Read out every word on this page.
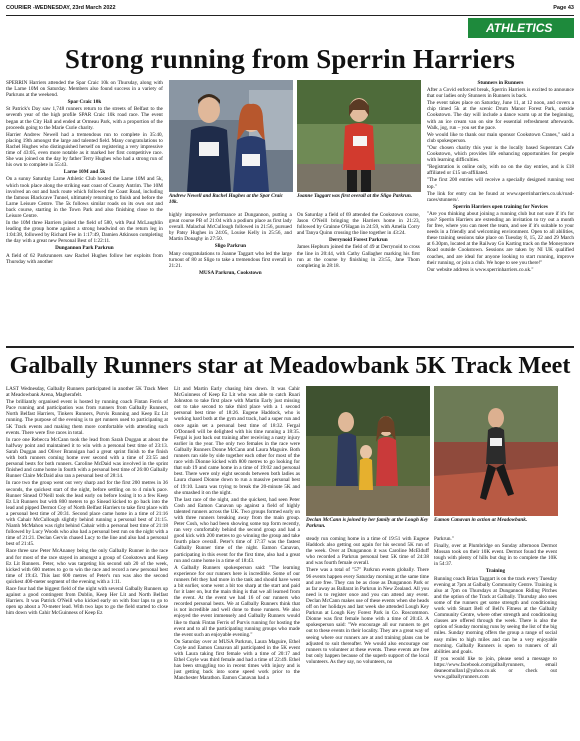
COURIER -WEDNESDAY, 23rd March 2022	Page 43
ATHLETICS
Strong running from Sperrin Harriers

SPERRIN Harriers attended the Spar Craic 10k on Thursday, along with the Larne 10M on Saturday. Members also found success in a variety of Parkruns at the weekend.

Spar Craic 10k

St Patrick's Day saw 1,748 runners return to the streets of Belfast to the seventh year of the high profile SPAR Craic 10k road race. The event began at the City Hall and ended at Ormeau Park, with a proportion of the proceeds going to the Marie Curie charity.

Harrier Andrew Newell had a tremendous run to complete in 35:40, placing 19th amongst the large and talented field. Many congratulations to Rachel Hughes who distinguished herself on registering a very impressive time of 43:05, even more notable as it marked her first competitive race. She was joined on the day by father Terry Hughes who had a strong run of his own to complete in 55:43.

Larne 10M and 5k

On a sunny Saturday Larne Athletic Club hosted the Larne 10M and 5k, which took place along the striking east coast of County Antrim. The 10M involved an out and back route which followed the Coast Road, including the famous Blackcave Tunnel, ultimately returning to finish and before the Larne Leisure Centre. The 5k follows similar roads on its own out and back course, starting in the Town Park and also finishing close to the Leisure Centre.

In the 10M three Harriers joined the field of 580, with Paul McLaughlin leading the group home against a strong headwind on the return leg in 1:04:38, followed by Richard Fee in 1:17:49, Damien Atkinson completing the day with a great new Personal Best of 1:22:11.

Dungannon Park Parkrun

A field of 62 Parkrunners saw Rachel Hughes follow her exploits from Thursday with another

Andrew Newell and Rachel Hughes at the Spar Craic 10k.
Joanne Taggart was first overall at the Sligo Parkrun.

highly impressive performance at Dungannon, putting a great course PB of 21:04 with a podium place as first lady overall. Malachai McCullough followed in 21:56, pursued by Patsy Hughes in 24:05, Louise Kelly in 25:56, and Martin Donaghy in 27:50.

Sligo Parkrun

Many congratulations to Joanne Taggart who led the large turnout of 80 at Sligo to take a tremendous first overall in 21:21.

MUSA Parkrun, Cookstown

On Saturday a field of 69 attended the Cookstown course, Jason O'Neill bringing the Harriers home in 21:23, followed by Grainne O'Hagan in 24:59, with Amelia Corry and Tanya Quinn crossing the line together in 43:24.

Derrynoid Forest Parkrun

James Hepburn joined the field of 49 at Derrynoid to cross the line in 20:44, with Cathy Gallagher marking his first run at the course by finishing in 23:55, Jane Thom completing in 28:18.

Stunners in Runners

After a Covid enforced break, Sperrin Harriers is excited to announce that our ladies only Stunners in Runners is back.

The event takes place on Saturday, June 11, at 12 noon, and covers a chip timed 5k at the scenic Drum Manor Forest Park, outside Cookstown. The day will include a dance warm up at the beginning, with an ice cream van on site for essential refreshment afterwards. Walk, jog, run – you set the pace.

We would like to thank our main sponsor Cookstown Cranes," said a club spokesperson.

"Our chosen charity this year is the locally based Superstars Cafe Cookstown, which provides life enhancing opportunities for people with learning difficulties.

"Registration is online only, with no on the day entries, and is £18 affiliated or £15 un-affiliated.

"The first 200 entries will receive a specially designed running vest top."

The link for entry can be found at www.sperrinharriers.co.uk/road-races/stunners/.

Sperrin Harriers open training for Novices

"Are you thinking about joining a running club but not sure if it's for you? Sperrin Harriers are extending an invitation to try out a month for free, where you can meet the team, and see if it's suitable to your needs in a friendly and welcoming environment. Open to all abilities, these training sessions take place on Tuesday 8, 15, 22 and 29 March at 6.30pm, located at the Railway Go Karting track on the Moneymore Road outside Cookstown. Sessions are taken by NI UK qualified coaches, and are ideal for anyone looking to start running, improve their running, or join a club. We hope to see you there!"

Our website address is www.sperrinharriers.co.uk."

Galbally Runners star at Meadowbank 5K Track Meet

LAST Wednesday, Galbally Runners participated in another 5K Track Meet at Meadowbank Arena, Magherafelt.

The brilliantly organised event is hosted by running coach Fintan Ferris of Pace running and participation was from runners from Galbally Runners, North Belfast Harriers, Tinkers Runners, Purvis Running and Keep Ez Lit running. The purpose of the evening is to get runners used to participating at 5K Track events and making them more comfortable with attending such events. There were five races in total.

In race one Rebecca McCann took the lead from Sarah Duggan at about the halfway point and maintained it to win with a personal best time of 23:13. Sarah Duggan and Oliver Brannigan had a great sprint finish to the finish with both runners coming home over second with a time of 23:55 and personal bests for both runners. Caroline McDaid was involved in the sprint finished and came home in fourth with a personal best time of 26:00 Galbally Runner Claire McDaid also ran a personal best of 28:14.

In race two the group went out very sharp and for the first 200 metres in 36 seconds, the quickest start of the night, before settling on to 4 min/k pace. Runner Sinead O'Neill took the lead early on before losing it to a few Keep Ez Lit Runners but with 800 meters to go Sinead kicked to go back into the lead and pipped Dermot Coy of North Belfast Harriers to take first place with a personal best time of 20:31. Second place came home in a time of 21:16 with Cahair McCullough slightly behind running a personal best of 21:15. Niamh McMahon was right behind Cahair with a personal best time of 21:18 followed by Lucy Woods who also had a personal best run on the night with a time of 21:21. Declan Gervin chased Lucy to the line and also had a personal best of 21:45.

Race three saw Peter McAnaney being the only Galbally Runner in the race and for most of the race stayed in amongst a group of Cookstown and Keep Ez Lit Runners. Peter, who was targeting his second sub 20 of the week, kicked with 600 metres to go to win the race and record a new personal best time of 19:43. This last 600 metres of Peter's run was also the second quickest 400-meter segment of the evening with a 1:11.

Race four had the biggest field of the night with several Galbally Runners up against a good contingent from Dublin, Keep Her Lit and North Belfast Harriers. It was Patrick O'Neill who kicked early on with four laps to go to open up about a 70-meter lead. With two laps to go the field started to close him down with Cahir McGuinness of Keep Ez

Lit and Martin Early chasing him down. It was Cahir McGuinness of Keep Ez Lit who was able to catch Ruari Johnston to take first place with Martin Early just missing out to take second to take third place with a 1 second personal best time of 18:26. Eugene Haddock, who is working hard both at the gym and track, had a super run and once again set a personal best time of 18:32. Fergal O'Donnell will be delighted with his time running a 18:35. Fergal is just back out training after receiving a nasty injury earlier in the year. The only two females in the race were Galbally Runners Donne McCann and Laura Maguire. Both runners ran side by side together each other for most of the race with Dionne kicked with 800 metres to go looking for that sub 19 and came home in a time of 19:02 and personal best. There were only eight seconds between both ladies as Laura chased Dionne down to run a massive personal best of 19:10. Laura was trying to break the 20-minute 5K and she smashed it on the night.

The last race of the night, and the quickest, had seen Peter Cosh and Eamon Canavan up against a field of highly talented runners across the UK. Two groups formed early on with three runners breaking away from the main group. Peter Cosh, who had been showing some top form recently, ran very comfortably behind the second group and had a good kick with 200 metres to go winning the group and take fourth place overall. Peter's time of 17:37 was the fastest Galbally Runner time of the night. Eamon Canavan, participating in this event for the first time, also had a great run and came home in a time of 18:43.

A Galbally Runners spokesperson said: "The learning experience for our runners here is incredible. Some of our runners felt they had more in the tank and should have went a bit earlier, some went a bit too sharp at the start and paid for it later on, but the main thing is that we all learned from the event. At the event we had 16 of our runners who recorded personal bests. We at Galbally Runners think that is not incredible and well done to those runners. We also enjoyed the event immensely and Galbally Runners would like to thank Fintan Ferris of Purvis running for hosting the event and to all the participating running groups who made the event such an enjoyable evening."

On Saturday over at MUSA Parkrun, Laura Maguire, Ethel Coyle and Eamon Canavan all participated in the 5K event with Laura taking first female with a time of 20:17 and Ethel Coyle was third female and had a time of 22:49. Ethel has been struggling too in recent times with injury and is just getting back into some speed work prior to the Manchester Marathon. Eamon Canavan had a

Declan McCann is joined by her family at the Lough Key Parkrun.
Eamon Canavan in action at Meadowbank.

steady run coming home in a time of 19:51 with Eugene Haddock also getting out again for his second 5K run of the week. Over at Dungannon it was Caroline McElduff who recorded a Parkrun personal best 5K time of 24:38 and was fourth female overall.

There was a total of "57" Parkrun events globally. There 96 events happen every Saturday morning at the same time and are free. They can be as close as Dungannon Park or as far away as Ballarat in Parkrun in New Zealand. All you need is to register once and you can attend any event. Declan McCann makes use of these events when she heads off on her holidays and last week she attended Lough Key Parkrun at Lough Key Forest Park in Co. Roscommon. Dionne was first female home with a time of 20:43. A spokesperson said: "We encourage all our runners to get out to these events in their locality. They are a great way of seeing where our runners are at and training plans can be adjusted to suit thereafter. We would also encourage our runners to volunteer at these events. These events are free but only happen because of the superb support of the local volunteers. As they say, no volunteers, no

Parkrun."

Finally, over at Plumbridge on Sunday afternoon Dermot Mossan took on their 10K event. Dermot found the event tough with plenty of hills but dug in to complete the 10K in 54:37.

Training

Running coach Brian Taggart is on the track every Tuesday evening at 7pm at Galbally Community Centre. Training is also at 7pm on Thursdays at Dungannon Riding Pitches and the option of the Track at Galbally. Thursday also sees some of the runners get some strength and conditioning work with Stuart Bell of Bell's Fitness at the Galbally Community Centre, where other strength and conditioning classes are offered through the week. There is also the option of Sunday morning runs by seeing the list of the big miles. Sunday morning offers the group a range of social easy miles to high miles and can be a very enjoyable morning. Galbally Runners is open to runners of all abilities and goals.

If you would like to join, please send a message to https://www.facebook.com/galballyrunners, email deaneomullan1@yahoo.co.uk or check out www.galballyrunners.com
